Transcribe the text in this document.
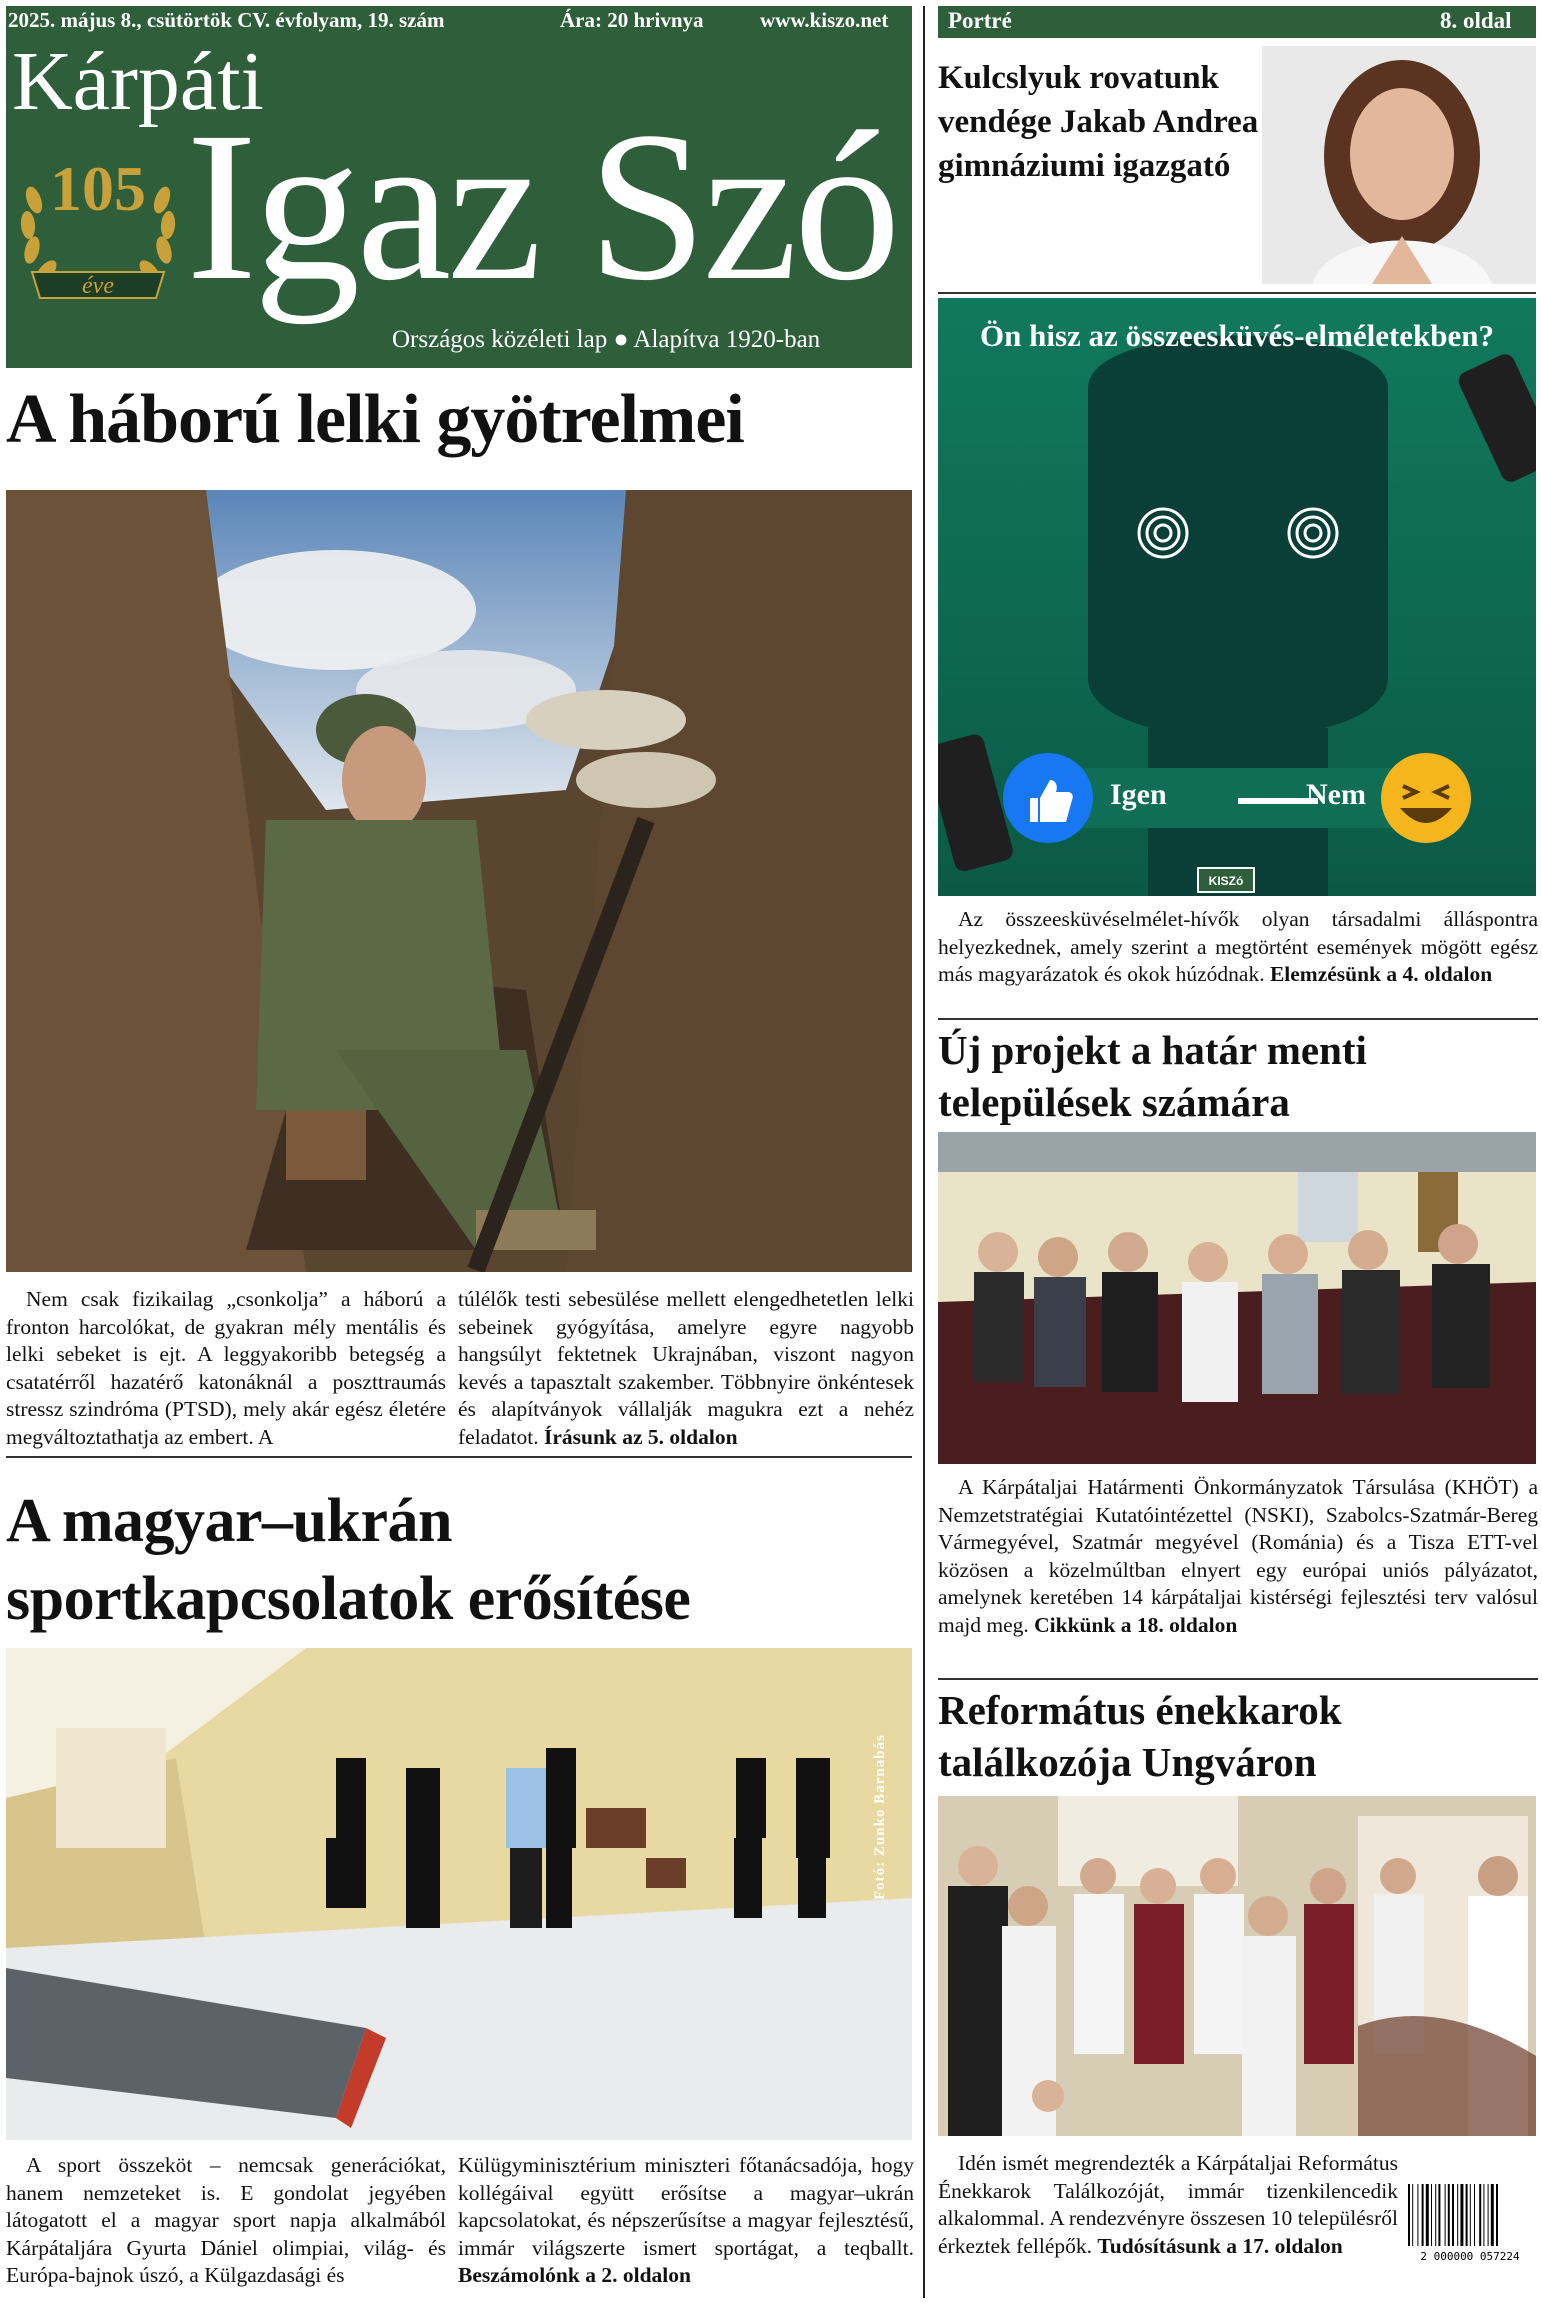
2025. május 8., csütörtök CV. évfolyam, 19. szám	Ára: 20 hrivnya	www.kiszo.net
Kárpáti
Igaz Szó
Országos közéleti lap ● Alapítva 1920-ban
105
éve
A háború lelki gyötrelmei
Nem csak fizikailag „csonkolja” a háború a fronton harcolókat, de gyakran mély mentális és lelki sebeket is ejt. A leggyakoribb betegség a csatatérről hazatérő katonáknál a poszttraumás stressz szindróma (PTSD), mely akár egész életére megváltoztathatja az embert. A
túlélők testi sebesülése mellett elengedhetetlen lelki sebeinek gyógyítása, amelyre egyre nagyobb hangsúlyt fektetnek Ukrajnában, viszont nagyon kevés a tapasztalt szakember. Többnyire önkéntesek és alapítványok vállalják magukra ezt a nehéz feladatot. Írásunk az 5. oldalon
A magyar–ukrán sportkapcsolatok erősítése
Fotó: Zunko Barnabás
A sport összeköt – nemcsak generációkat, hanem nemzeteket is. E gondolat jegyében látogatott el a magyar sport napja alkalmából Kárpátaljára Gyurta Dániel olimpiai, világ- és Európa-bajnok úszó, a Külgazdasági és
Külügyminisztérium miniszteri főtanácsadója, hogy kollégáival együtt erősítse a magyar–ukrán kapcsolatokat, és népszerűsítse a magyar fejlesztésű, immár világszerte ismert sportágat, a teqballt. Beszámolónk a 2. oldalon
Portré	8. oldal
Kulcslyuk rovatunk vendége Jakab Andrea gimnáziumi igazgató
KISZó
Ön hisz az összeesküvés-elméletekben?
Igen	Nem
Az összeesküvéselmélet-hívők olyan társadalmi álláspontra helyezkednek, amely szerint a megtörtént események mögött egész más magyarázatok és okok húzódnak. Elemzésünk a 4. oldalon
Új projekt a határ menti települések számára
A Kárpátaljai Határmenti Önkormányzatok Társulása (KHÖT) a Nemzetstratégiai Kutatóintézettel (NSKI), Szabolcs-Szatmár-Bereg Vármegyével, Szatmár megyével (Románia) és a Tisza ETT-vel közösen a közelmúltban elnyert egy európai uniós pályázatot, amelynek keretében 14 kárpátaljai kistérségi fejlesztési terv valósul majd meg. Cikkünk a 18. oldalon
Református énekkarok találkozója Ungváron
Idén ismét megrendezték a Kárpátaljai Református Énekkarok Találkozóját, immár tizenkilencedik alkalommal. A rendezvényre összesen 10 településről érkeztek fellépők. Tudósításunk a 17. oldalon	2 000000 057224
